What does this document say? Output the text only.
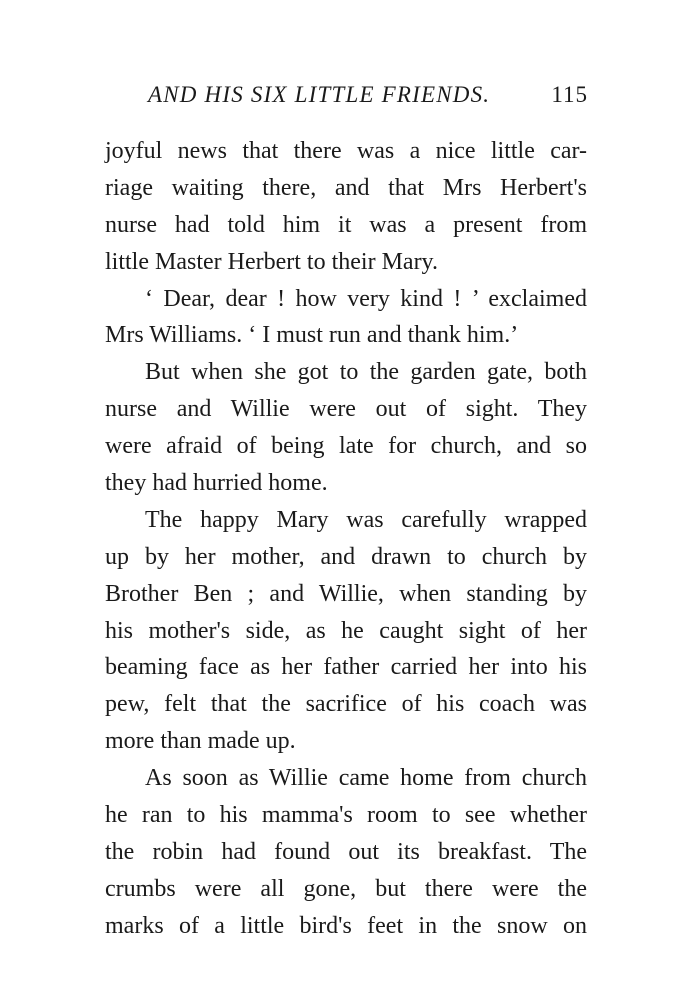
AND HIS SIX LITTLE FRIENDS.	115
joyful news that there was a nice little car-
riage waiting there, and that Mrs Herbert's
nurse had told him it was a present from
little Master Herbert to their Mary.
‘ Dear, dear ! how very kind ! ’ exclaimed
Mrs Williams. ‘ I must run and thank him.’
But when she got to the garden gate, both
nurse and Willie were out of sight. They
were afraid of being late for church, and so
they had hurried home.
The happy Mary was carefully wrapped
up by her mother, and drawn to church by
Brother Ben ; and Willie, when standing by
his mother's side, as he caught sight of her
beaming face as her father carried her into his
pew, felt that the sacrifice of his coach was
more than made up.
As soon as Willie came home from church
he ran to his mamma's room to see whether
the robin had found out its breakfast. The
crumbs were all gone, but there were the
marks of a little bird's feet in the snow on
